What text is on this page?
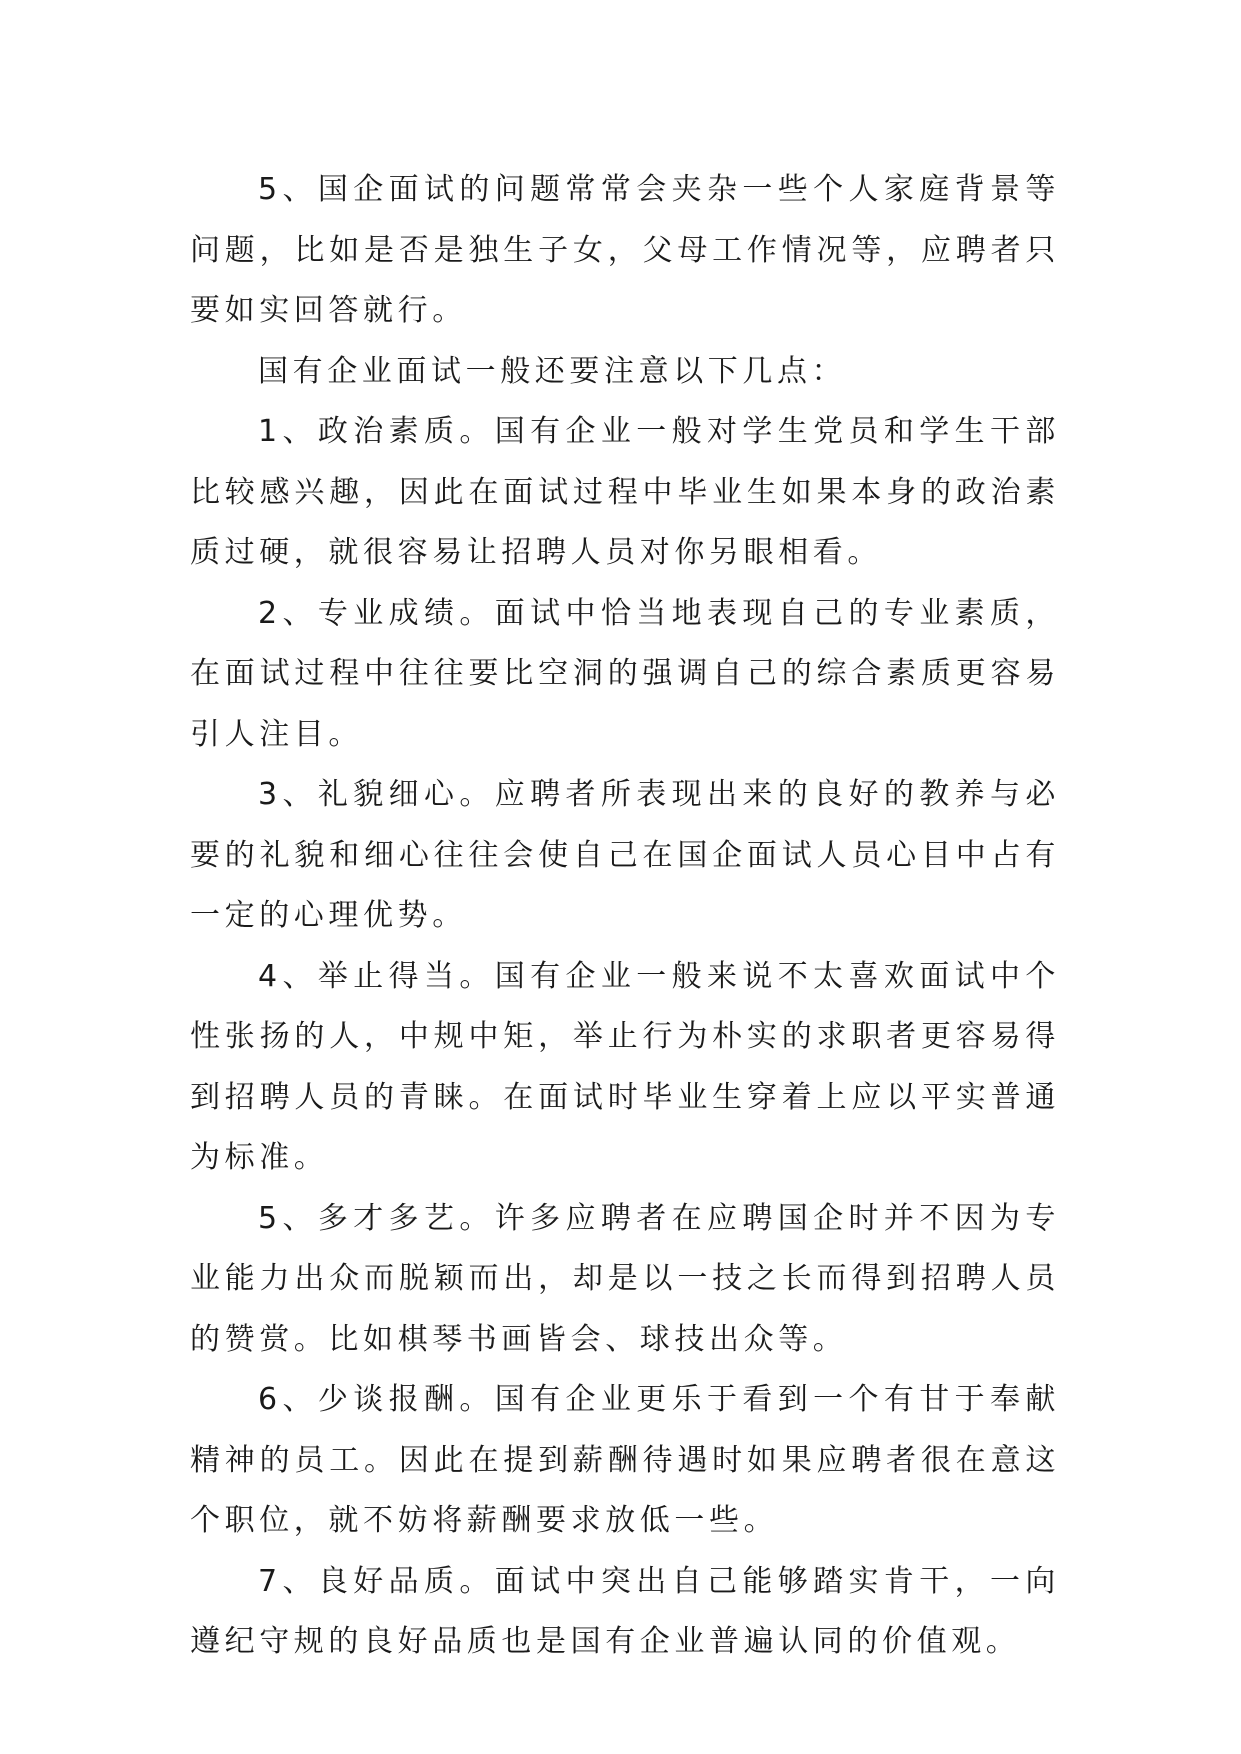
5、国企面试的问题常常会夹杂一些个人家庭背景等问题，比如是否是独生子女，父母工作情况等，应聘者只要如实回答就行。

国有企业面试一般还要注意以下几点：

1、政治素质。国有企业一般对学生党员和学生干部比较感兴趣，因此在面试过程中毕业生如果本身的政治素质过硬，就很容易让招聘人员对你另眼相看。

2、专业成绩。面试中恰当地表现自己的专业素质，在面试过程中往往要比空洞的强调自己的综合素质更容易引人注目。

3、礼貌细心。应聘者所表现出来的良好的教养与必要的礼貌和细心往往会使自己在国企面试人员心目中占有一定的心理优势。

4、举止得当。国有企业一般来说不太喜欢面试中个性张扬的人，中规中矩，举止行为朴实的求职者更容易得到招聘人员的青睐。在面试时毕业生穿着上应以平实普通为标准。

5、多才多艺。许多应聘者在应聘国企时并不因为专业能力出众而脱颖而出，却是以一技之长而得到招聘人员的赞赏。比如棋琴书画皆会、球技出众等。

6、少谈报酬。国有企业更乐于看到一个有甘于奉献精神的员工。因此在提到薪酬待遇时如果应聘者很在意这个职位，就不妨将薪酬要求放低一些。

7、良好品质。面试中突出自己能够踏实肯干，一向遵纪守规的良好品质也是国有企业普遍认同的价值观。
